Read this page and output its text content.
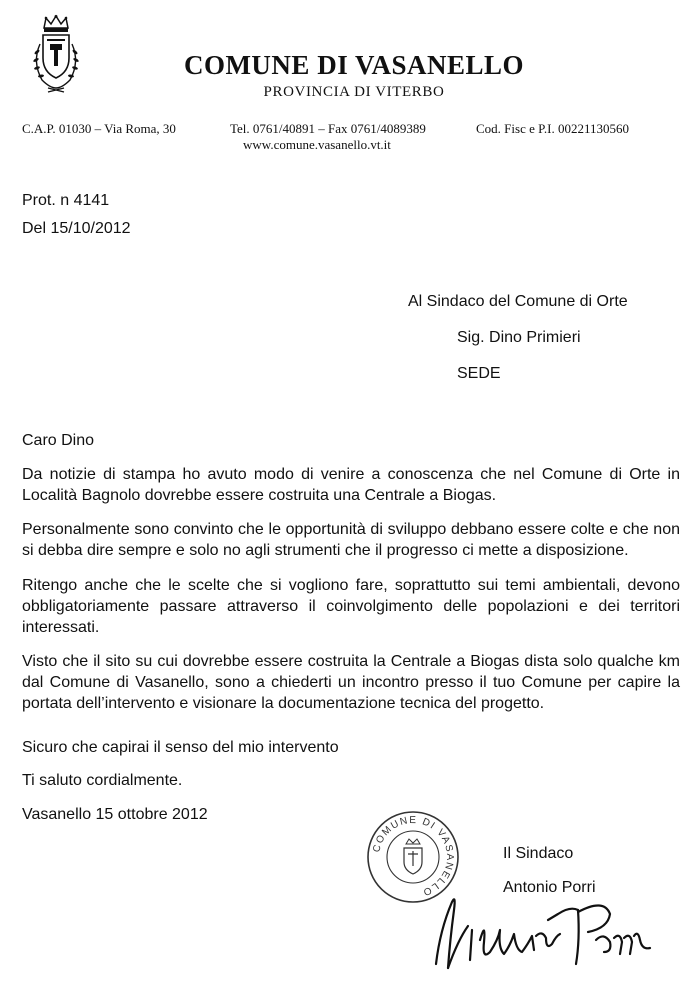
COMUNE DI VASANELLO
PROVINCIA DI VITERBO
C.A.P. 01030 – Via Roma, 30	Tel. 0761/40891 – Fax 0761/4089389
www.comune.vasanello.vt.it
Cod. Fisc e P.I. 00221130560
Prot. n 4141
Del 15/10/2012
Al Sindaco del Comune di Orte
Sig. Dino Primieri
SEDE
Caro Dino
Da notizie di stampa ho avuto modo di venire a conoscenza che nel Comune di Orte in Località Bagnolo dovrebbe essere costruita una Centrale a Biogas.
Personalmente sono convinto che le opportunità di sviluppo debbano essere colte e che non si debba dire sempre e solo no agli strumenti che il progresso ci mette a disposizione.
Ritengo anche che le scelte che si vogliono fare, soprattutto sui temi ambientali, devono obbligatoriamente passare attraverso il coinvolgimento delle popolazioni e dei territori interessati.
Visto che il sito su cui dovrebbe essere costruita la Centrale a Biogas dista solo qualche km dal Comune di Vasanello, sono a chiederti un incontro presso il tuo Comune per capire la portata dell’intervento e visionare la documentazione tecnica del progetto.
Sicuro che capirai il senso del mio intervento
Ti saluto cordialmente.
Vasanello 15 ottobre 2012
COMUNE DI VASANELLO
Il Sindaco
Antonio Porri
